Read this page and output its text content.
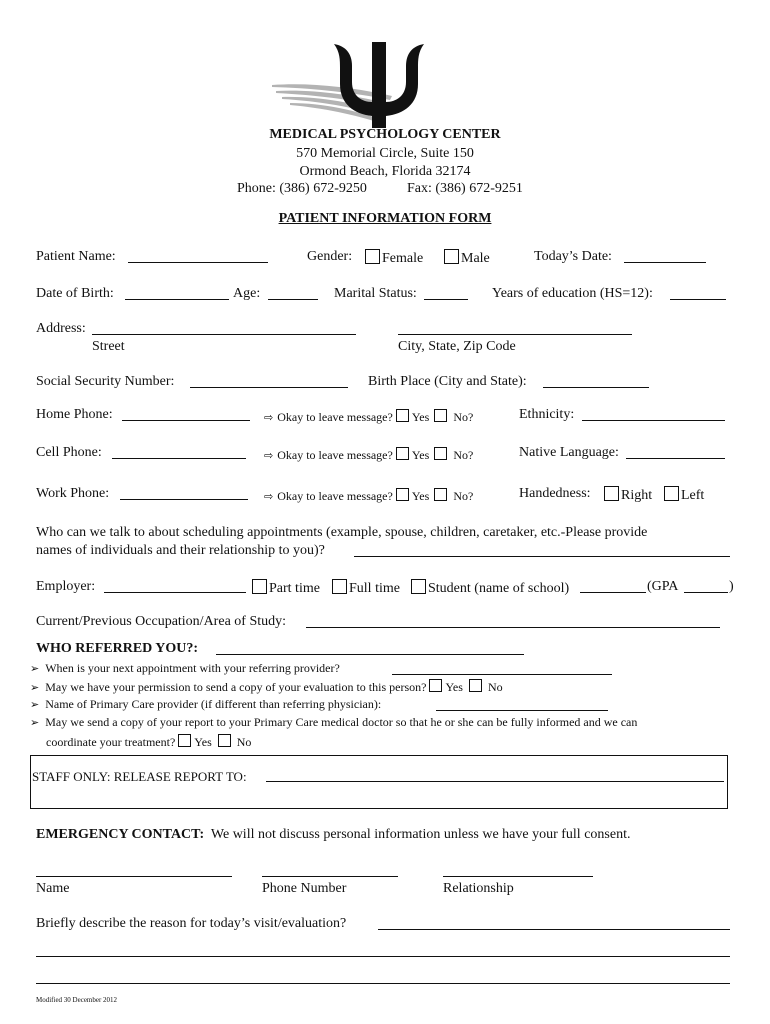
MEDICAL PSYCHOLOGY CENTER
570 Memorial Circle, Suite 150
Ormond Beach, Florida 32174
Phone: (386) 672-9250	Fax: (386) 672-9251
PATIENT INFORMATION FORM
Patient Name:	Gender:	Female	Male	Today’s Date:
Date of Birth:	Age:	Marital Status:	Years of education (HS=12):
Address:
Street	City, State, Zip Code
Social Security Number:	Birth Place (City and State):
Home Phone:	⇨ Okay to leave message? Yes No?	Ethnicity:
Cell Phone:	⇨ Okay to leave message? Yes No?	Native Language:
Work Phone:	⇨ Okay to leave message? Yes No?	Handedness:	Right	Left
Who can we talk to about scheduling appointments (example, spouse, children, caretaker, etc.-Please provide
names of individuals and their relationship to you)?
Employer:	Part time	Full time	Student (name of school)	(GPA	)
Current/Previous Occupation/Area of Study:
WHO REFERRED YOU?:
➢ When is your next appointment with your referring provider?
➢ May we have your permission to send a copy of your evaluation to this person? Yes No
➢ Name of Primary Care provider (if different than referring physician):
➢ May we send a copy of your report to your Primary Care medical doctor so that he or she can be fully informed and we can
coordinate your treatment? Yes No
STAFF ONLY: RELEASE REPORT TO:
EMERGENCY CONTACT: We will not discuss personal information unless we have your full consent.
Name	Phone Number	Relationship
Briefly describe the reason for today’s visit/evaluation?
Modified 30 December 2012
